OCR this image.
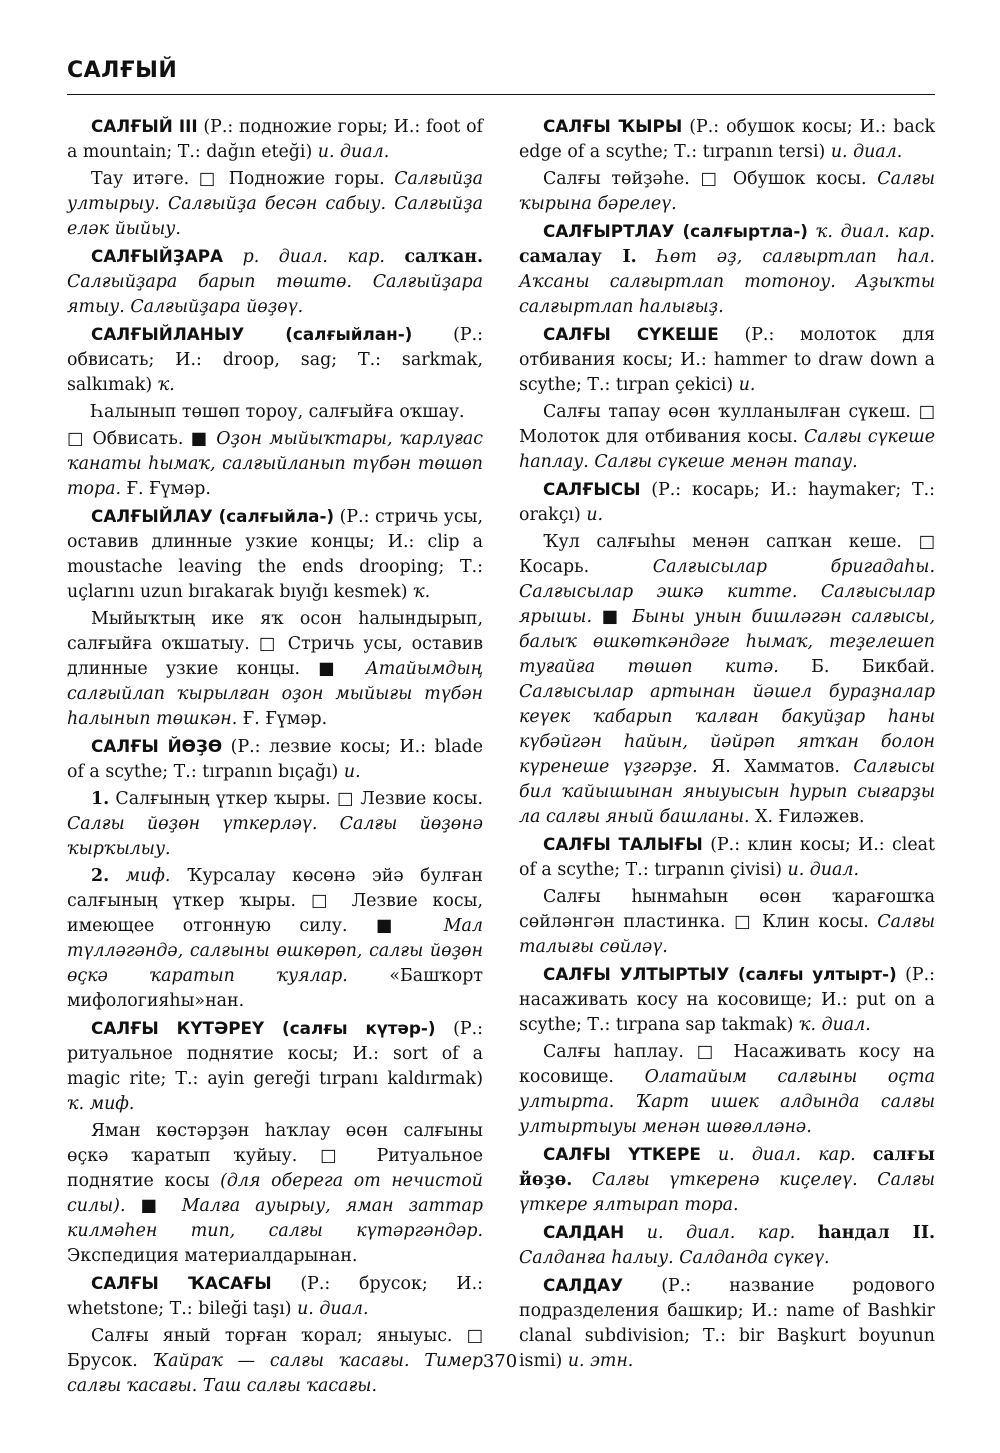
САЛҒЫЙ

САЛҒЫЙ III (Р.: подножие горы; И.: foot of a mountain; Т.: dağın eteği) и. диал.

Тау итәге. □ Подножие горы. Салғыйҙа ултырыу. Салғыйҙа бесән сабыу. Салғыйҙа еләк йыйыу.

САЛҒЫЙҘАРА р. диал. кар. салҡан. Салғыйҙара барып төштө. Салғыйҙара ятыу. Салғыйҙара йөҙөү.

САЛҒЫЙЛАНЫУ (салғыйлан-) (Р.: обвисать; И.: droop, sag; Т.: sarkmak, salkımak) ҡ.

Һалынып төшөп тороу, салғыйға оҡшау.

□ Обвисать. ■ Оҙон мыйыҡтары, ҡарлуғас ҡанаты һымаҡ, салғыйланып түбән төшөп тора. Ғ. Ғүмәр.

САЛҒЫЙЛАУ (салғыйла-) (Р.: стричь усы, оставив длинные узкие концы; И.: clip a moustache leaving the ends drooping; Т.: uçlarını uzun bırakarak bıyığı kesmek) ҡ.

Мыйыҡтың ике яҡ осон һалындырып, салғыйға оҡшатыу. □ Стричь усы, оставив длинные узкие концы. ■ Атайымдың салғыйлап ҡырылған оҙон мыйығы түбән һалынып төшкән. Ғ. Ғүмәр.

САЛҒЫ ЙӨҘӨ (Р.: лезвие косы; И.: blade of a scythe; Т.: tırpanın bıçağı) и.

1. Салғының үткер ҡыры. □ Лезвие косы. Салғы йөҙөн үткерләү. Салғы йөҙөнә ҡырҡылыу.

2. миф. Ҡурсалау көсөнә эйә булған салғының үткер ҡыры. □ Лезвие косы, имеющее отгонную силу. ■ Мал түлләгәндә, салғыны өшкөрөп, салғы йөҙөн өҫкә ҡаратып ҡуялар. «Башҡорт мифологияһы»нан.

САЛҒЫ КҮТӘРЕҮ (салғы күтәр-) (Р.: ритуальное поднятие косы; И.: sort of a magic rite; Т.: ayin gereği tırpanı kaldırmak) ҡ. миф.

Яман көстәрҙән һаҡлау өсөн салғыны өҫкә ҡаратып ҡуйыу. □ Ритуальное поднятие косы (для оберега от нечистой силы). ■ Малға ауырыу, яман заттар килмәһен тип, салғы күтәргәндәр. Экспедиция материалдарынан.

САЛҒЫ ҠАСАҒЫ (Р.: брусок; И.: whetstone; Т.: bileği taşı) и. диал.

Салғы яный торған ҡорал; яныуыс. □ Брусок. Ҡайраҡ — салғы ҡасағы. Тимер салғы ҡасағы. Таш салғы ҡасағы.

САЛҒЫ ҠЫРЫ (Р.: обушок косы; И.: back edge of a scythe; Т.: tırpanın tersi) и. диал.

Салғы төйҙәһе. □ Обушок косы. Салғы ҡырына бәрелеү.

САЛҒЫРТЛАУ (салғыртла-) ҡ. диал. кар. самалау I. Һөт әҙ, салғыртлап һал. Аҡсаны салғыртлап тотоноу. Аҙыҡты салғыртлап һалығыҙ.

САЛҒЫ СҮКЕШЕ (Р.: молоток для отбивания косы; И.: hammer to draw down a scythe; Т.: tırpan çekici) и.

Салғы тапау өсөн ҡулланылған сүкеш. □ Молоток для отбивания косы. Салғы сүкеше һаплау. Салғы сүкеше менән тапау.

САЛҒЫСЫ (Р.: косарь; И.: haymaker; Т.: orakçı) и.

Ҡул салғыһы менән сапҡан кеше. □ Косарь. Салғысылар бригадаһы. Салғысылар эшкә китте. Салғысылар ярышы. ■ Быны унын бишләгән салғысы, балыҡ өшкөткәндәге һымаҡ, теҙелешеп туғайға төшөп китә. Б. Бикбай. Салғысылар артынан йәшел бураҙналар кеүек ҡабарып ҡалған бакуйҙар һаны күбәйгән һайын, йәйрәп ятҡан болон күренеше үҙгәрҙе. Я. Хамматов. Салғысы бил ҡайышынан яныуысын һурып сығарҙы ла салғы яный башланы. Х. Ғиләжев.

САЛҒЫ ТАЛЫҒЫ (Р.: клин косы; И.: cleat of a scythe; Т.: tırpanın çivisi) и. диал.

Салғы һынмаһын өсөн ҡарағошҡа сөйләнгән пластинка. □ Клин косы. Салғы талығы сөйләү.

САЛҒЫ УЛТЫРТЫУ (салғы ултырт-) (Р.: насаживать косу на косовище; И.: put on a scythe; Т.: tırpana sap takmak) ҡ. диал.

Салғы һаплау. □ Насаживать косу на косовище. Олатайым салғыны оҫта ултырта. Ҡарт ишек алдында салғы ултыртыуы менән шөғөлләнә.

САЛҒЫ ҮТКЕРЕ и. диал. кар. салғы йөҙө. Салғы үткеренә киҫелеү. Салғы үткере ялтырап тора.

САЛДАН и. диал. кар. һандал II. Салданға һалыу. Салданда сүкеү.

САЛДАУ (Р.: название родового подразделения башкир; И.: name of Bashkir clanal subdivision; Т.: bir Başkurt boyunun ismi) и. этн.

370
